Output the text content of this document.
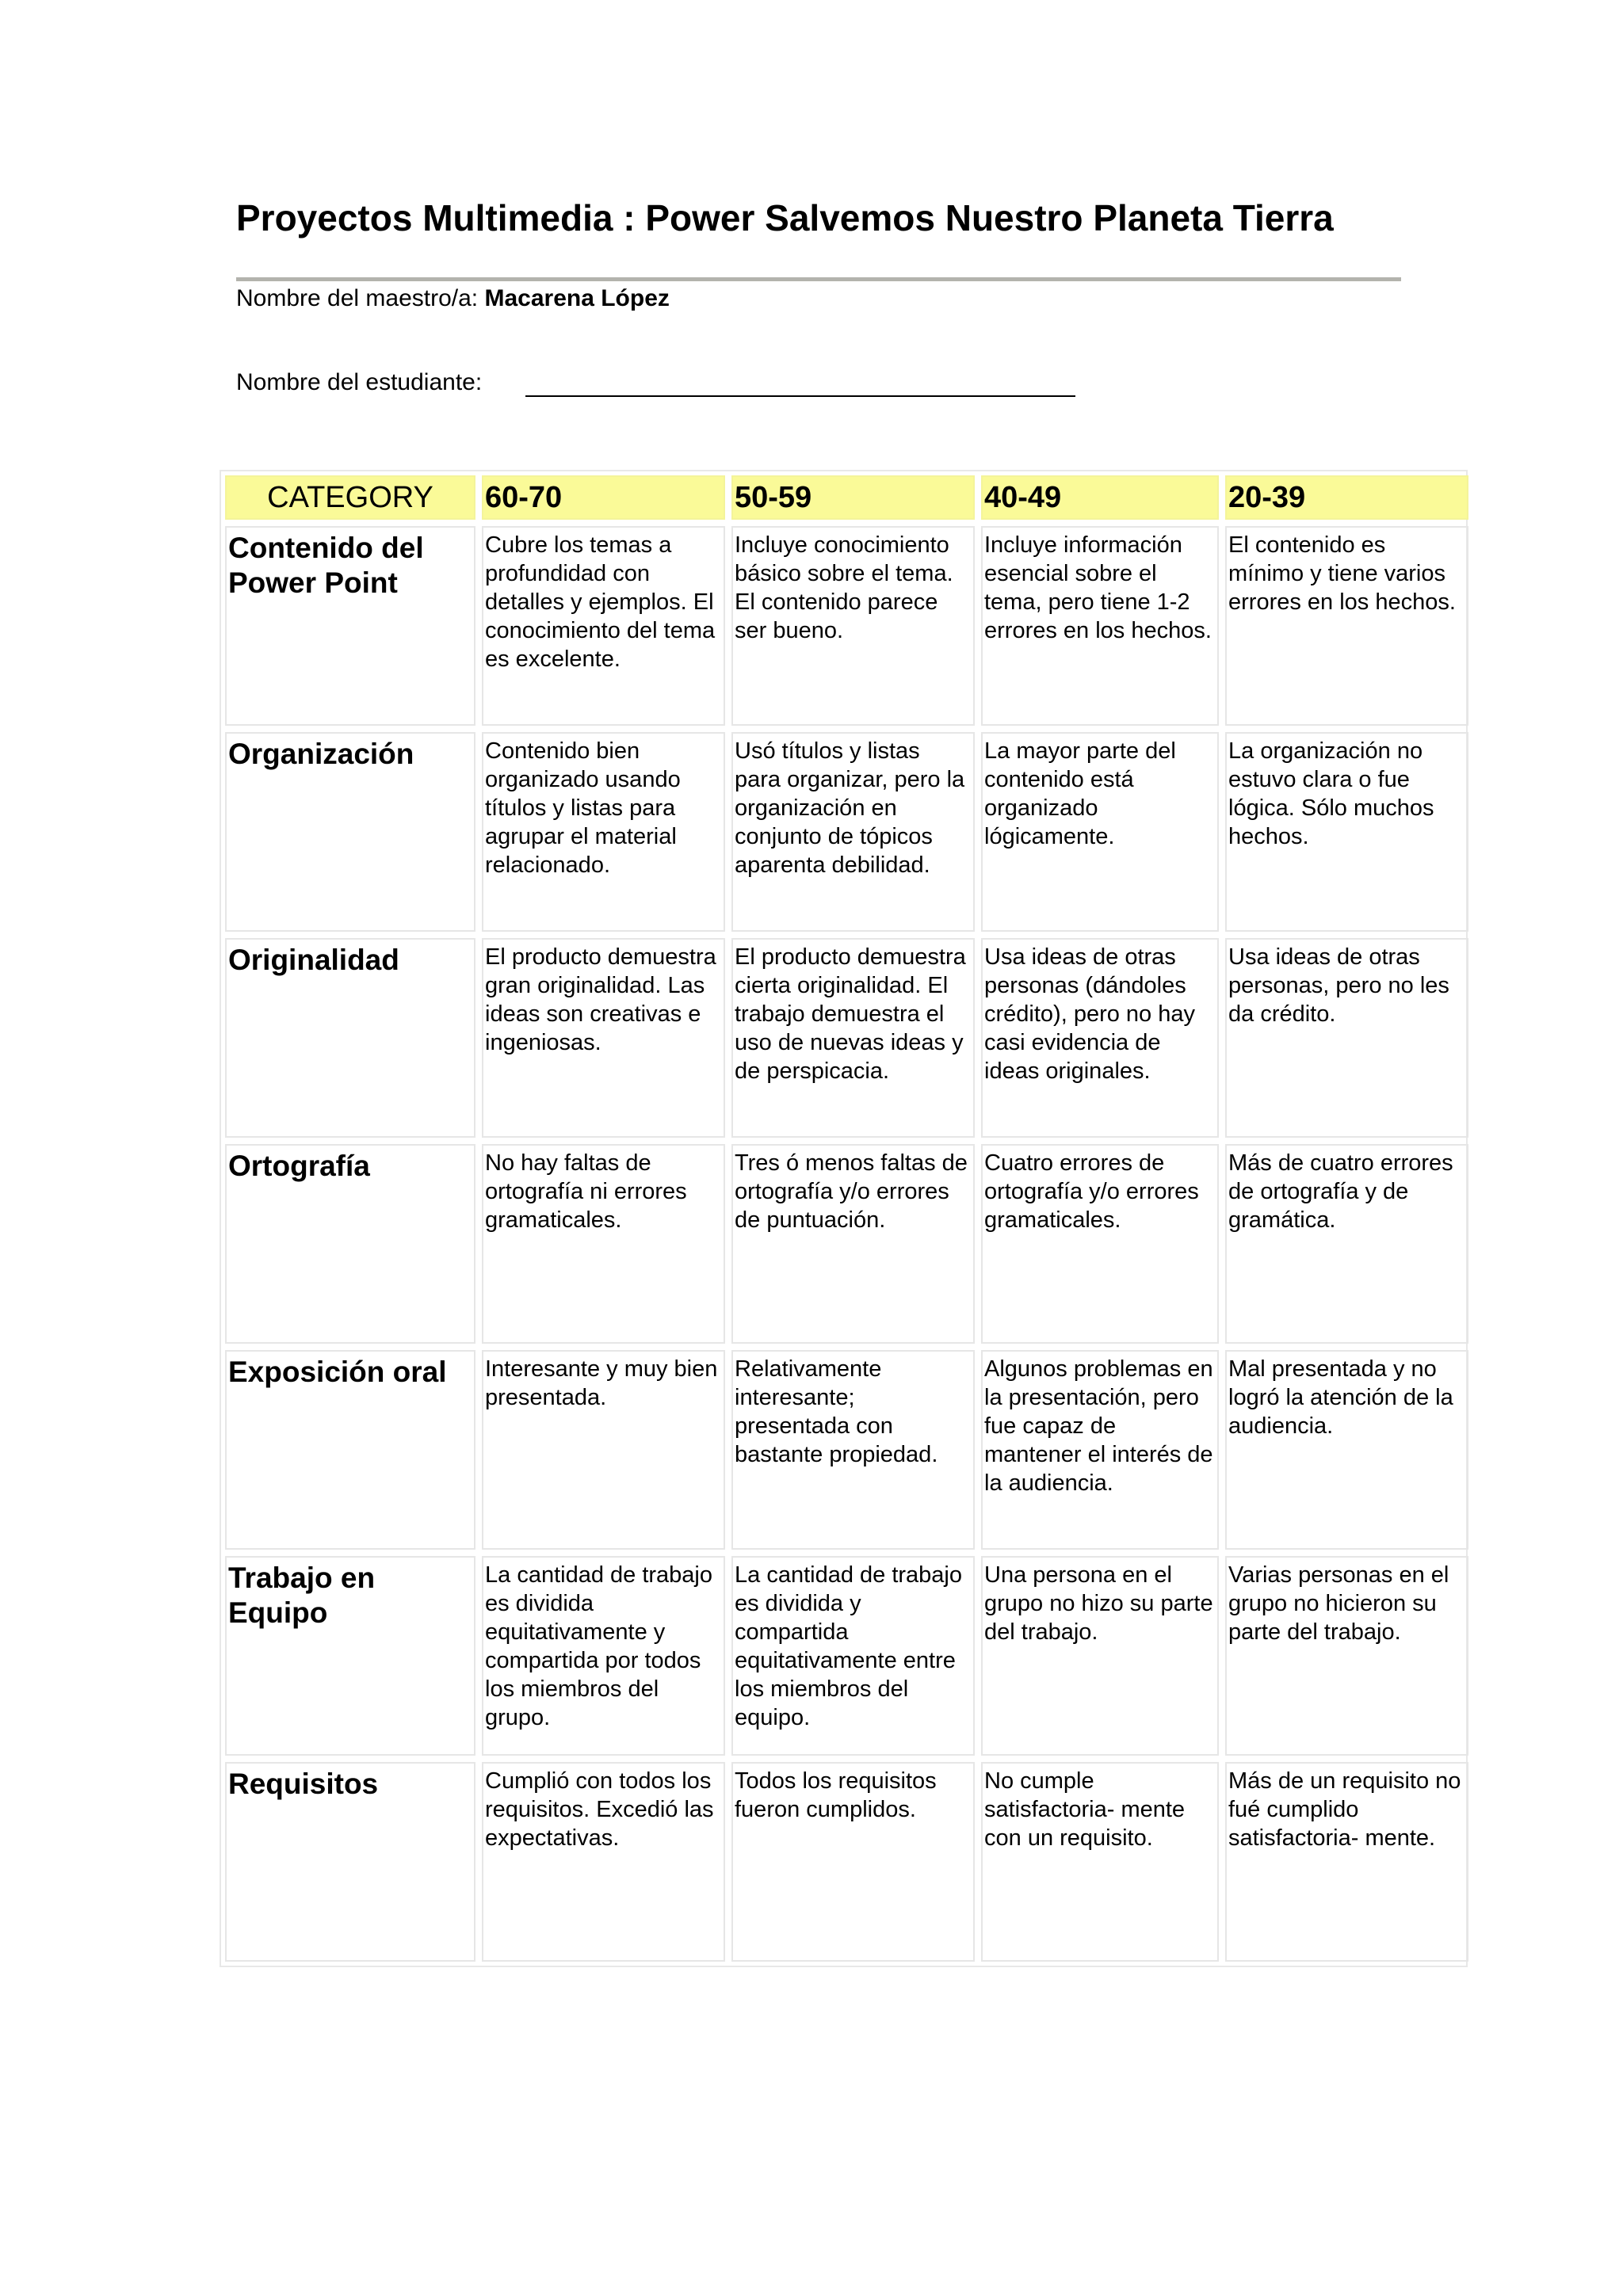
Proyectos Multimedia : Power Salvemos Nuestro Planeta Tierra
Nombre del maestro/a: Macarena López
Nombre del estudiante:
CATEGORY	60-70	50-59	40-49	20-39
Contenido del Power Point	Cubre los temas a profundidad con detalles y ejemplos. El conocimiento del tema es excelente.	Incluye conocimiento básico sobre el tema. El contenido parece ser bueno.	Incluye información esencial sobre el tema, pero tiene 1-2 errores en los hechos.	El contenido es mínimo y tiene varios errores en los hechos.
Organización	Contenido bien organizado usando títulos y listas para agrupar el material relacionado.	Usó títulos y listas para organizar, pero la organización en conjunto de tópicos aparenta debilidad.	La mayor parte del contenido está organizado lógicamente.	La organización no estuvo clara o fue lógica. Sólo muchos hechos.
Originalidad	El producto demuestra gran originalidad. Las ideas son creativas e ingeniosas.	El producto demuestra cierta originalidad. El trabajo demuestra el uso de nuevas ideas y de perspicacia.	Usa ideas de otras personas (dándoles crédito), pero no hay casi evidencia de ideas originales.	Usa ideas de otras personas, pero no les da crédito.
Ortografía	No hay faltas de ortografía ni errores gramaticales.	Tres ó menos faltas de ortografía y/o errores de puntuación.	Cuatro errores de ortografía y/o errores gramaticales.	Más de cuatro errores de ortografía y de gramática.
Exposición oral	Interesante y muy bien presentada.	Relativamente interesante; presentada con bastante propiedad.	Algunos problemas en la presentación, pero fue capaz de mantener el interés de la audiencia.	Mal presentada y no logró la atención de la audiencia.
Trabajo en Equipo	La cantidad de trabajo es dividida equitativamente y compartida por todos los miembros del grupo.	La cantidad de trabajo es dividida y compartida equitativamente entre los miembros del equipo.	Una persona en el grupo no hizo su parte del trabajo.	Varias personas en el grupo no hicieron su parte del trabajo.
Requisitos	Cumplió con todos los requisitos. Excedió las expectativas.	Todos los requisitos fueron cumplidos.	No cumple satisfactoria- mente con un requisito.	Más de un requisito no fué cumplido satisfactoria- mente.
